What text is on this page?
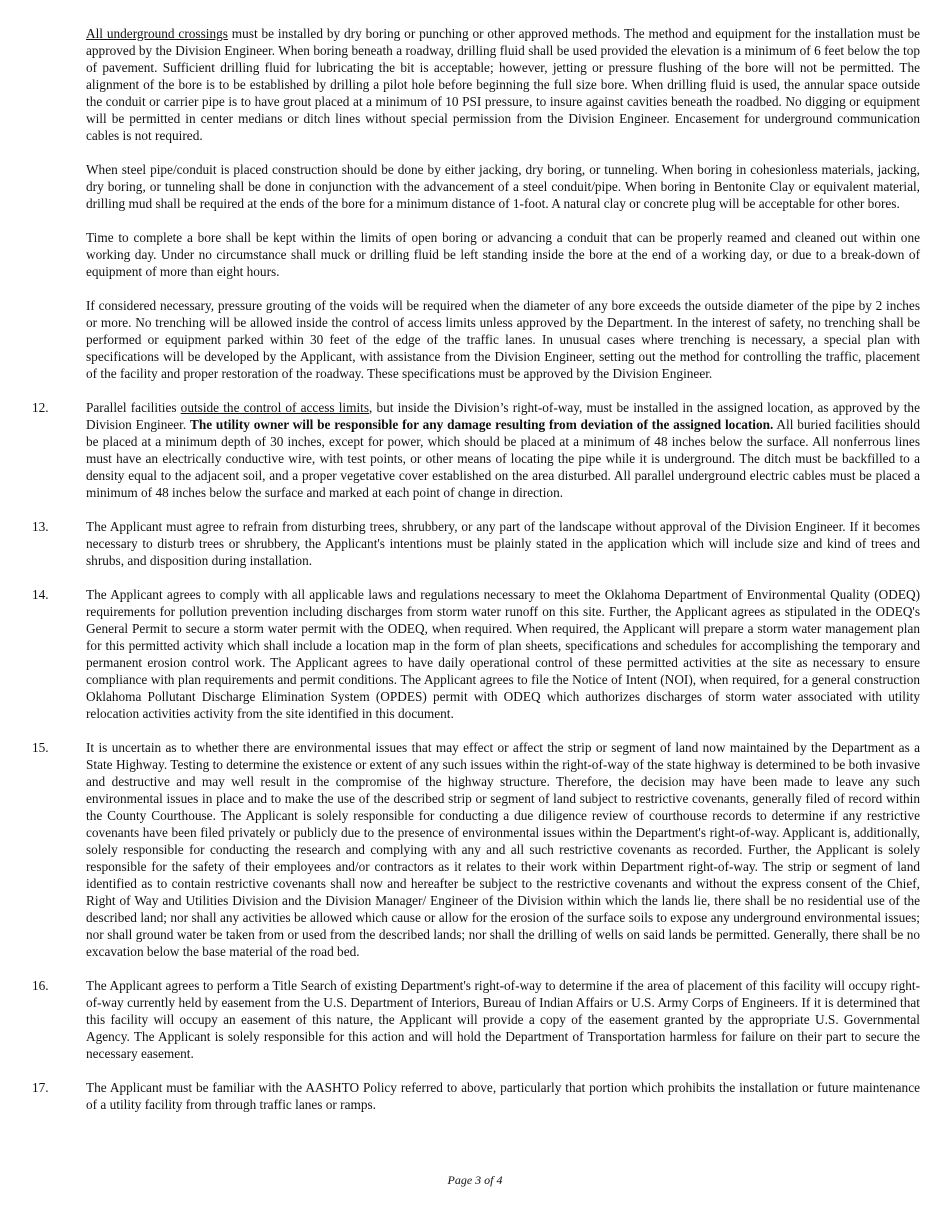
All underground crossings must be installed by dry boring or punching or other approved methods. The method and equipment for the installation must be approved by the Division Engineer. When boring beneath a roadway, drilling fluid shall be used provided the elevation is a minimum of 6 feet below the top of pavement. Sufficient drilling fluid for lubricating the bit is acceptable; however, jetting or pressure flushing of the bore will not be permitted. The alignment of the bore is to be established by drilling a pilot hole before beginning the full size bore. When drilling fluid is used, the annular space outside the conduit or carrier pipe is to have grout placed at a minimum of 10 PSI pressure, to insure against cavities beneath the roadbed. No digging or equipment will be permitted in center medians or ditch lines without special permission from the Division Engineer. Encasement for underground communication cables is not required.

When steel pipe/conduit is placed construction should be done by either jacking, dry boring, or tunneling. When boring in cohesionless materials, jacking, dry boring, or tunneling shall be done in conjunction with the advancement of a steel conduit/pipe. When boring in Bentonite Clay or equivalent material, drilling mud shall be required at the ends of the bore for a minimum distance of 1-foot. A natural clay or concrete plug will be acceptable for other bores.

Time to complete a bore shall be kept within the limits of open boring or advancing a conduit that can be properly reamed and cleaned out within one working day. Under no circumstance shall muck or drilling fluid be left standing inside the bore at the end of a working day, or due to a break-down of equipment of more than eight hours.

If considered necessary, pressure grouting of the voids will be required when the diameter of any bore exceeds the outside diameter of the pipe by 2 inches or more. No trenching will be allowed inside the control of access limits unless approved by the Department. In the interest of safety, no trenching shall be performed or equipment parked within 30 feet of the edge of the traffic lanes. In unusual cases where trenching is necessary, a special plan with specifications will be developed by the Applicant, with assistance from the Division Engineer, setting out the method for controlling the traffic, placement of the facility and proper restoration of the roadway. These specifications must be approved by the Division Engineer.

12.	Parallel facilities outside the control of access limits, but inside the Division’s right-of-way, must be installed in the assigned location, as approved by the Division Engineer. The utility owner will be responsible for any damage resulting from deviation of the assigned location. All buried facilities should be placed at a minimum depth of 30 inches, except for power, which should be placed at a minimum of 48 inches below the surface. All nonferrous lines must have an electrically conductive wire, with test points, or other means of locating the pipe while it is underground. The ditch must be backfilled to a density equal to the adjacent soil, and a proper vegetative cover established on the area disturbed. All parallel underground electric cables must be placed a minimum of 48 inches below the surface and marked at each point of change in direction.

13.	The Applicant must agree to refrain from disturbing trees, shrubbery, or any part of the landscape without approval of the Division Engineer. If it becomes necessary to disturb trees or shrubbery, the Applicant's intentions must be plainly stated in the application which will include size and kind of trees and shrubs, and disposition during installation.

14.	The Applicant agrees to comply with all applicable laws and regulations necessary to meet the Oklahoma Department of Environmental Quality (ODEQ) requirements for pollution prevention including discharges from storm water runoff on this site. Further, the Applicant agrees as stipulated in the ODEQ's General Permit to secure a storm water permit with the ODEQ, when required. When required, the Applicant will prepare a storm water management plan for this permitted activity which shall include a location map in the form of plan sheets, specifications and schedules for accomplishing the temporary and permanent erosion control work. The Applicant agrees to have daily operational control of these permitted activities at the site as necessary to ensure compliance with plan requirements and permit conditions. The Applicant agrees to file the Notice of Intent (NOI), when required, for a general construction Oklahoma Pollutant Discharge Elimination System (OPDES) permit with ODEQ which authorizes discharges of storm water associated with utility relocation activities activity from the site identified in this document.

15.	It is uncertain as to whether there are environmental issues that may effect or affect the strip or segment of land now maintained by the Department as a State Highway. Testing to determine the existence or extent of any such issues within the right-of-way of the state highway is determined to be both invasive and destructive and may well result in the compromise of the highway structure. Therefore, the decision may have been made to leave any such environmental issues in place and to make the use of the described strip or segment of land subject to restrictive covenants, generally filed of record within the County Courthouse. The Applicant is solely responsible for conducting a due diligence review of courthouse records to determine if any restrictive covenants have been filed privately or publicly due to the presence of environmental issues within the Department's right-of-way. Applicant is, additionally, solely responsible for conducting the research and complying with any and all such restrictive covenants as recorded. Further, the Applicant is solely responsible for the safety of their employees and/or contractors as it relates to their work within Department right-of-way. The strip or segment of land identified as to contain restrictive covenants shall now and hereafter be subject to the restrictive covenants and without the express consent of the Chief, Right of Way and Utilities Division and the Division Manager/ Engineer of the Division within which the lands lie, there shall be no residential use of the described land; nor shall any activities be allowed which cause or allow for the erosion of the surface soils to expose any underground environmental issues; nor shall ground water be taken from or used from the described lands; nor shall the drilling of wells on said lands be permitted. Generally, there shall be no excavation below the base material of the road bed.

16.	The Applicant agrees to perform a Title Search of existing Department's right-of-way to determine if the area of placement of this facility will occupy right-of-way currently held by easement from the U.S. Department of Interiors, Bureau of Indian Affairs or U.S. Army Corps of Engineers. If it is determined that this facility will occupy an easement of this nature, the Applicant will provide a copy of the easement granted by the appropriate U.S. Governmental Agency. The Applicant is solely responsible for this action and will hold the Department of Transportation harmless for failure on their part to secure the necessary easement.

17.	The Applicant must be familiar with the AASHTO Policy referred to above, particularly that portion which prohibits the installation or future maintenance of a utility facility from through traffic lanes or ramps.

Page 3 of 4
